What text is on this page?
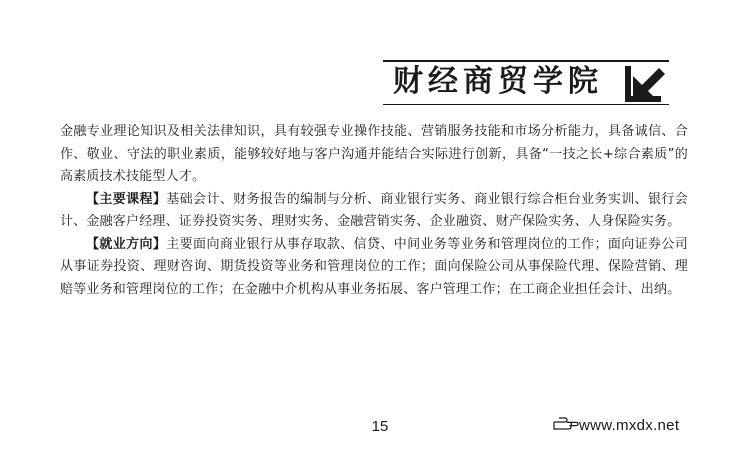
财经商贸学院

金融专业理论知识及相关法律知识，具有较强专业操作技能、营销服务技能和市场分析能力，具备诚信、合作、敬业、守法的职业素质，能够较好地与客户沟通并能结合实际进行创新，具备“一技之长+综合素质”的高素质技术技能型人才。

【主要课程】基础会计、财务报告的编制与分析、商业银行实务、商业银行综合柜台业务实训、银行会计、金融客户经理、证券投资实务、理财实务、金融营销实务、企业融资、财产保险实务、人身保险实务。

【就业方向】主要面向商业银行从事存取款、信贷、中间业务等业务和管理岗位的工作；面向证券公司从事证券投资、理财咨询、期货投资等业务和管理岗位的工作；面向保险公司从事保险代理、保险营销、理赔等业务和管理岗位的工作；在金融中介机构从事业务拓展、客户管理工作；在工商企业担任会计、出纳。

15	www.mxdx.net
